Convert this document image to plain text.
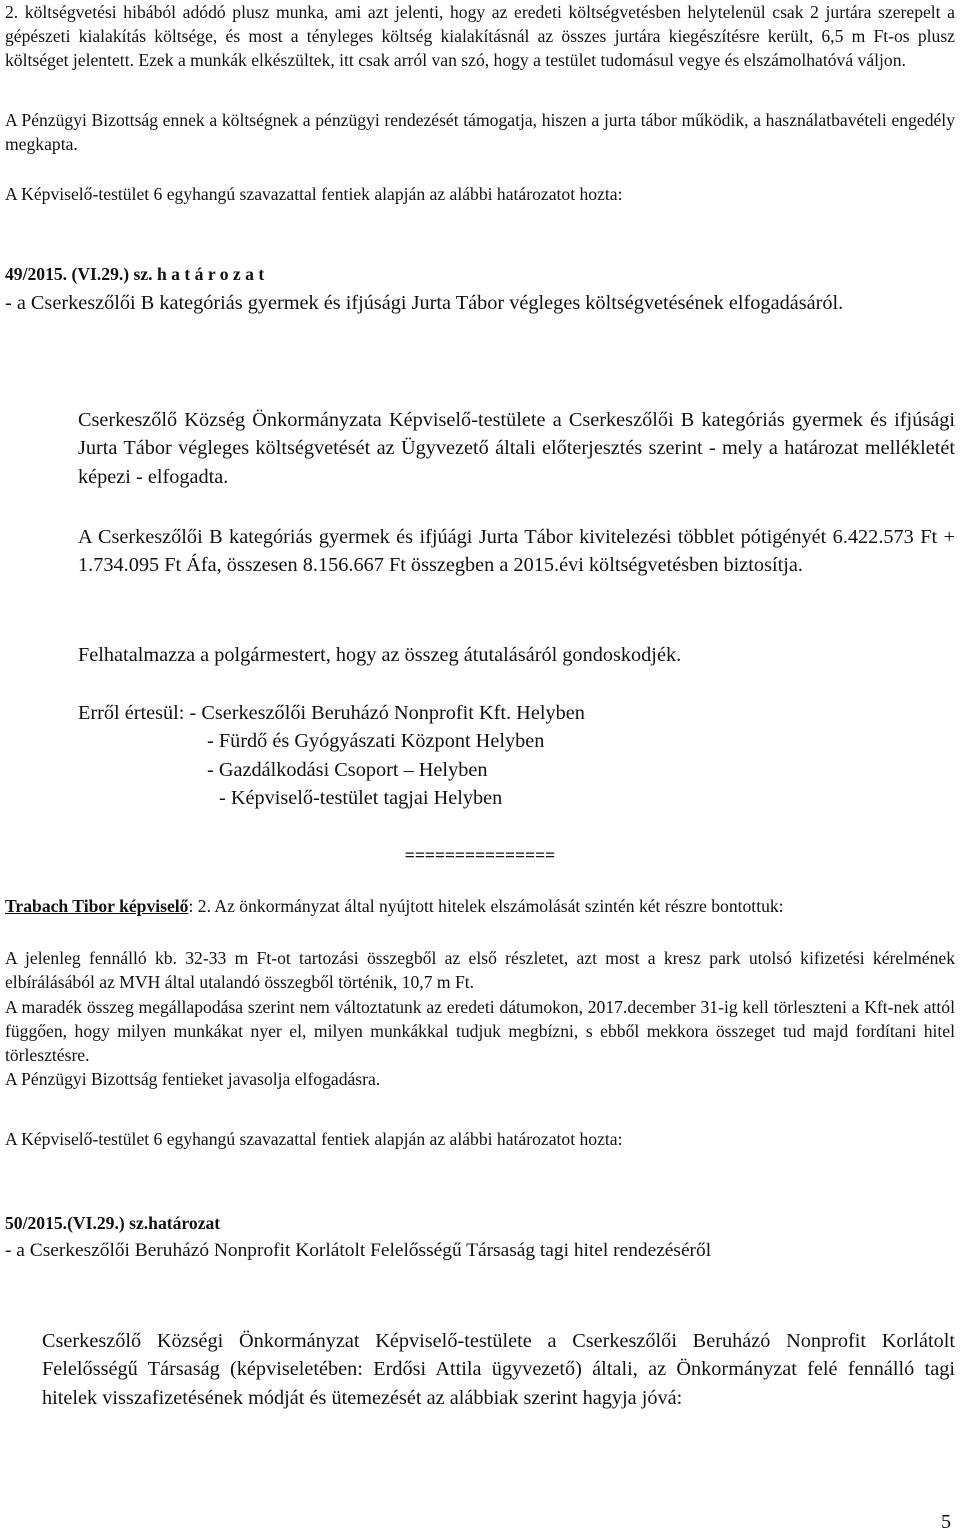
2. költségvetési hibából adódó plusz munka, ami azt jelenti, hogy az eredeti költségvetésben helytelenül csak 2 jurtára szerepelt a gépészeti kialakítás költsége, és most a tényleges költség kialakításnál az összes jurtára kiegészítésre került, 6,5 m Ft-os plusz költséget jelentett. Ezek a munkák elkészültek, itt csak arról van szó, hogy a testület tudomásul vegye és elszámolhatóvá váljon.

A Pénzügyi Bizottság ennek a költségnek a pénzügyi rendezését támogatja, hiszen a jurta tábor működik, a használatbavételi engedély megkapta.

A Képviselő-testület 6 egyhangú szavazattal fentiek alapján az alábbi határozatot hozta:

49/2015. (VI.29.) sz. h a t á r o z a t

- a Cserkeszőlői B kategóriás gyermek és ifjúsági Jurta Tábor végleges költségvetésének elfogadásáról.

Cserkeszőlő Község Önkormányzata Képviselő-testülete a Cserkeszőlői B kategóriás gyermek és ifjúsági Jurta Tábor végleges költségvetését az Ügyvezető általi előterjesztés szerint - mely a határozat mellékletét képezi - elfogadta.

A Cserkeszőlői B kategóriás gyermek és ifjúági Jurta Tábor kivitelezési többlet pótigényét 6.422.573 Ft + 1.734.095 Ft Áfa, összesen 8.156.667 Ft összegben a 2015.évi költségvetésben biztosítja.

Felhatalmazza a polgármestert, hogy az összeg átutalásáról gondoskodjék.

Erről értesül: - Cserkeszőlői Beruházó Nonprofit Kft. Helyben
- Fürdő és Gyógyászati Központ Helyben
- Gazdálkodási Csoport – Helyben
- Képviselő-testület tagjai Helyben
===============

Trabach Tibor képviselő: 2. Az önkormányzat által nyújtott hitelek elszámolását szintén két részre bontottuk:

A jelenleg fennálló kb. 32-33 m Ft-ot tartozási összegből az első részletet, azt most a kresz park utolsó kifizetési kérelmének elbírálásából az MVH által utalandó összegből történik, 10,7 m Ft.

A maradék összeg megállapodása szerint nem változtatunk az eredeti dátumokon, 2017.december 31-ig kell törleszteni a Kft-nek attól függően, hogy milyen munkákat nyer el, milyen munkákkal tudjuk megbízni, s ebből mekkora összeget tud majd fordítani hitel törlesztésre.

A Pénzügyi Bizottság fentieket javasolja elfogadásra.

A Képviselő-testület 6 egyhangú szavazattal fentiek alapján az alábbi határozatot hozta:

50/2015.(VI.29.) sz.határozat

- a Cserkeszőlői Beruházó Nonprofit Korlátolt Felelősségű Társaság tagi hitel rendezéséről

Cserkeszőlő Községi Önkormányzat Képviselő-testülete a Cserkeszőlői Beruházó Nonprofit Korlátolt Felelősségű Társaság (képviseletében: Erdősi Attila ügyvezető) általi, az Önkormányzat felé fennálló tagi hitelek visszafizetésének módját és ütemezését az alábbiak szerint hagyja jóvá:

5
